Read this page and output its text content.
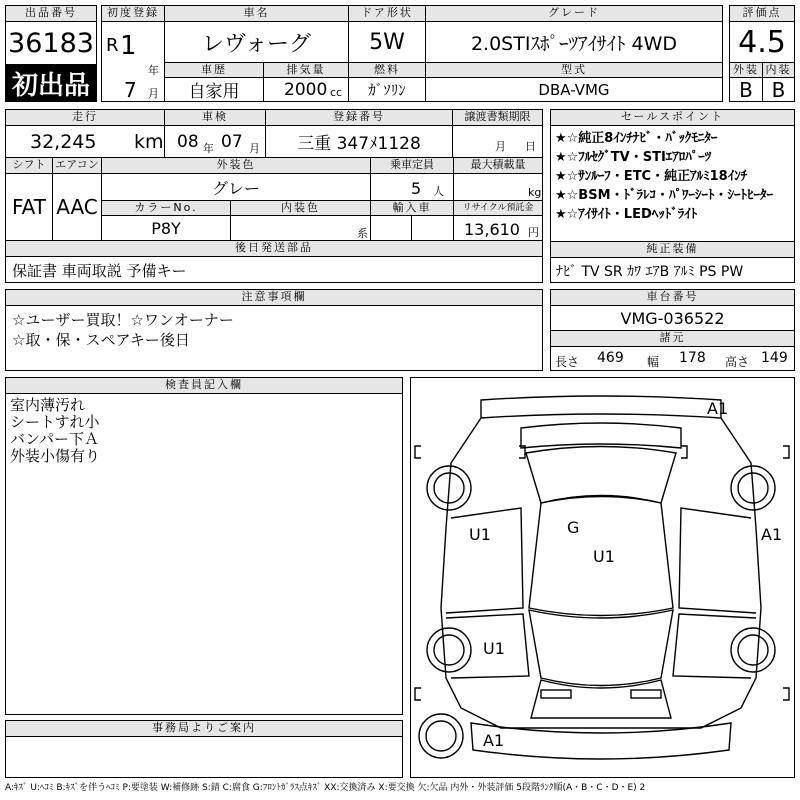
出品番号
36183
初出品
初度登録
R 1
年
7 月
車名
レヴォーグ
ドア形状
5W
グレード
2.0STIｽﾎﾟｰﾂｱｲｻｲﾄ 4WD
評価点
4.5
外装 内装
B B
車歴
自家用
排気量
2000 cc
燃料
ｶﾞｿﾘﾝ
型式
DBA-VMG
走行
32,245 km
車検
08 年 07 月
登録番号
三重 347ﾒ1128
譲渡書類期限
月 日
シフト
FAT
エアコン
AAC
外装色
グレー
乗車定員
5 人
最大積載量
kg
カラーNo.
P8Y
内装色
系
輸入車	リサイクル預託金
13,610 円
後日発送部品
保証書 車両取説 予備キー
セールスポイント
★☆純正8ｲﾝﾁﾅﾋﾞ・ﾊﾞｯｸﾓﾆﾀｰ
★☆ﾌﾙｾｸﾞTV・STIｴｱﾛﾊﾟｰﾂ
★☆ｻﾝﾙｰﾌ・ETC・純正ｱﾙﾐ18ｲﾝﾁ
★☆BSM・ﾄﾞﾗﾚｺ・ﾊﾟﾜｰｼｰﾄ・ｼｰﾄﾋｰﾀｰ
★☆ｱｲｻｲﾄ・LEDﾍｯﾄﾞﾗｲﾄ
純正装備
ﾅﾋﾞ TV SR ｶﾜ ｴｱB ｱﾙﾐ PS PW
注意事項欄
☆ユーザー買取！☆ワンオーナー
☆取・保・スペアキー後日
車台番号
VMG-036522
諸元
長さ 469 幅 178 高さ 149
検査員記入欄
室内薄汚れ
シートすれ小
バンパー下Ａ
外装小傷有り
事務局よりご案内
A1
A1
U1	G
U1
U1
A1
A:ｷｽﾞ U:ﾍｺﾐ B:ｷｽﾞを伴うﾍｺﾐ P:要塗装 W:補修跡 S:錆 C:腐食 G:ﾌﾛﾝﾄｶﾞﾗｽ点ｷｽﾞ XX:交換済み X:要交換 欠:欠品 内外・外装評価 5段階ﾗﾝｸ順(A・B・C・D・E) 2
